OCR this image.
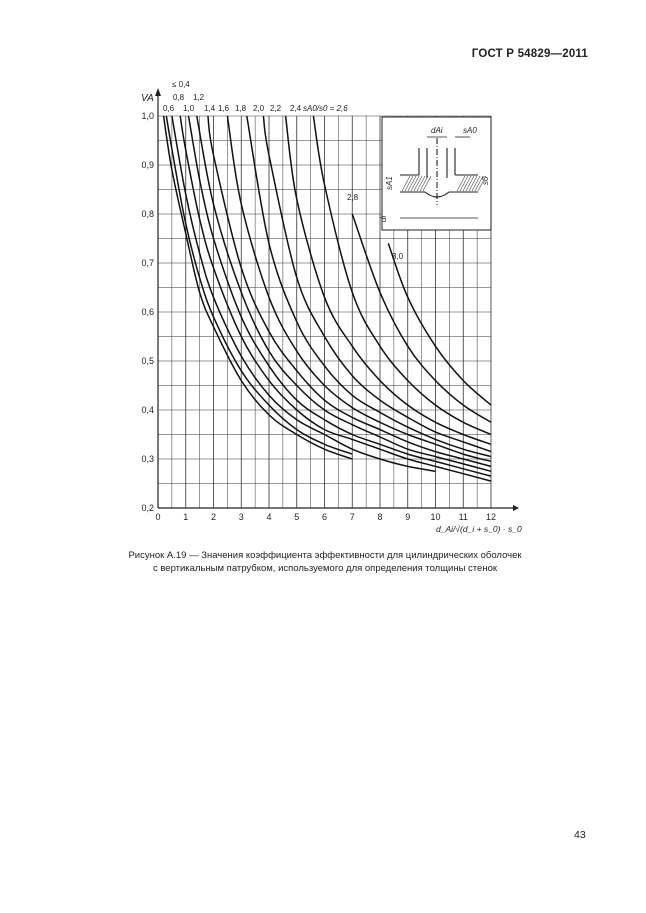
ГОСТ Р 54829—2011
0	1	2	3	4	5	6	7	8	9 10 11 12
0,2
0,3
0,4
0,5
0,6
0,7
0,8
0,9
1,0
VA
d_Ai/√(d_i + s_0) · s_0
≤ 0,4
0,6
0,8
1,0
1,2
1,4 1,6 1,8 2,0 2,2 2,4 sA0/s0 = 2,6
2,8
3,0
dAi	sA0
s0
sA1
di
Рисунок А.19 — Значения коэффициента эффективности для цилиндрических оболочек
с вертикальным патрубком, используемого для определения толщины стенок
43
